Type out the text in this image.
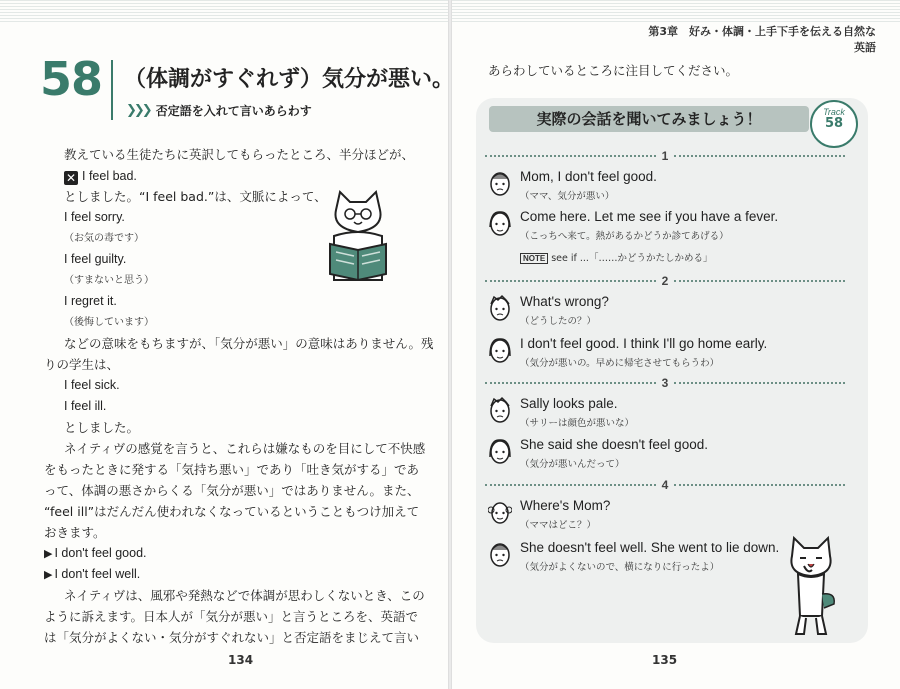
第3章　好み・体調・上手下手を伝える自然な英語
58 （体調がすぐれず）気分が悪い。
❯❯❯ 否定語を入れて言いあらわす
教えている生徒たちに英訳してもらったところ、半分ほどが、
✕ I feel bad.
としました。“I feel bad.”は、文脈によって、
I feel sorry.
（お気の毒です）
I feel guilty.
（すまないと思う）
I regret it.
（後悔しています）
などの意味をもちますが、「気分が悪い」の意味はありません。残
りの学生は、
I feel sick.
I feel ill.
としました。
ネイティヴの感覚を言うと、これらは嫌なものを目にして不快感
をもったときに発する「気持ち悪い」であり「吐き気がする」であ
って、体調の悪さからくる「気分が悪い」ではありません。また、
“feel ill”はだんだん使われなくなっているということもつけ加えて
おきます。
▶ I don't feel good.
▶ I don't feel well.
ネイティヴは、風邪や発熱などで体調が思わしくないとき、この
ように訴えます。日本人が「気分が悪い」と言うところを、英語で
は「気分がよくない・気分がすぐれない」と否定語をまじえて言い
134
あらわしているところに注目してください。
実際の会話を聞いてみましょう！	Track
58
1
Mom, I don't feel good.
（ママ、気分が悪い）
Come here. Let me see if you have a fever.
（こっちへ来て。熱があるかどうか診てあげる）
NOTE see if ...「……かどうかたしかめる」
2
What's wrong?
（どうしたの？）
I don't feel good. I think I'll go home early.
（気分が悪いの。早めに帰宅させてもらうわ）
3
Sally looks pale.
（サリーは顔色が悪いな）
She said she doesn't feel good.
（気分が悪いんだって）
4
Where's Mom?
（ママはどこ？）
She doesn't feel well. She went to lie down.
（気分がよくないので、横になりに行ったよ）
135
